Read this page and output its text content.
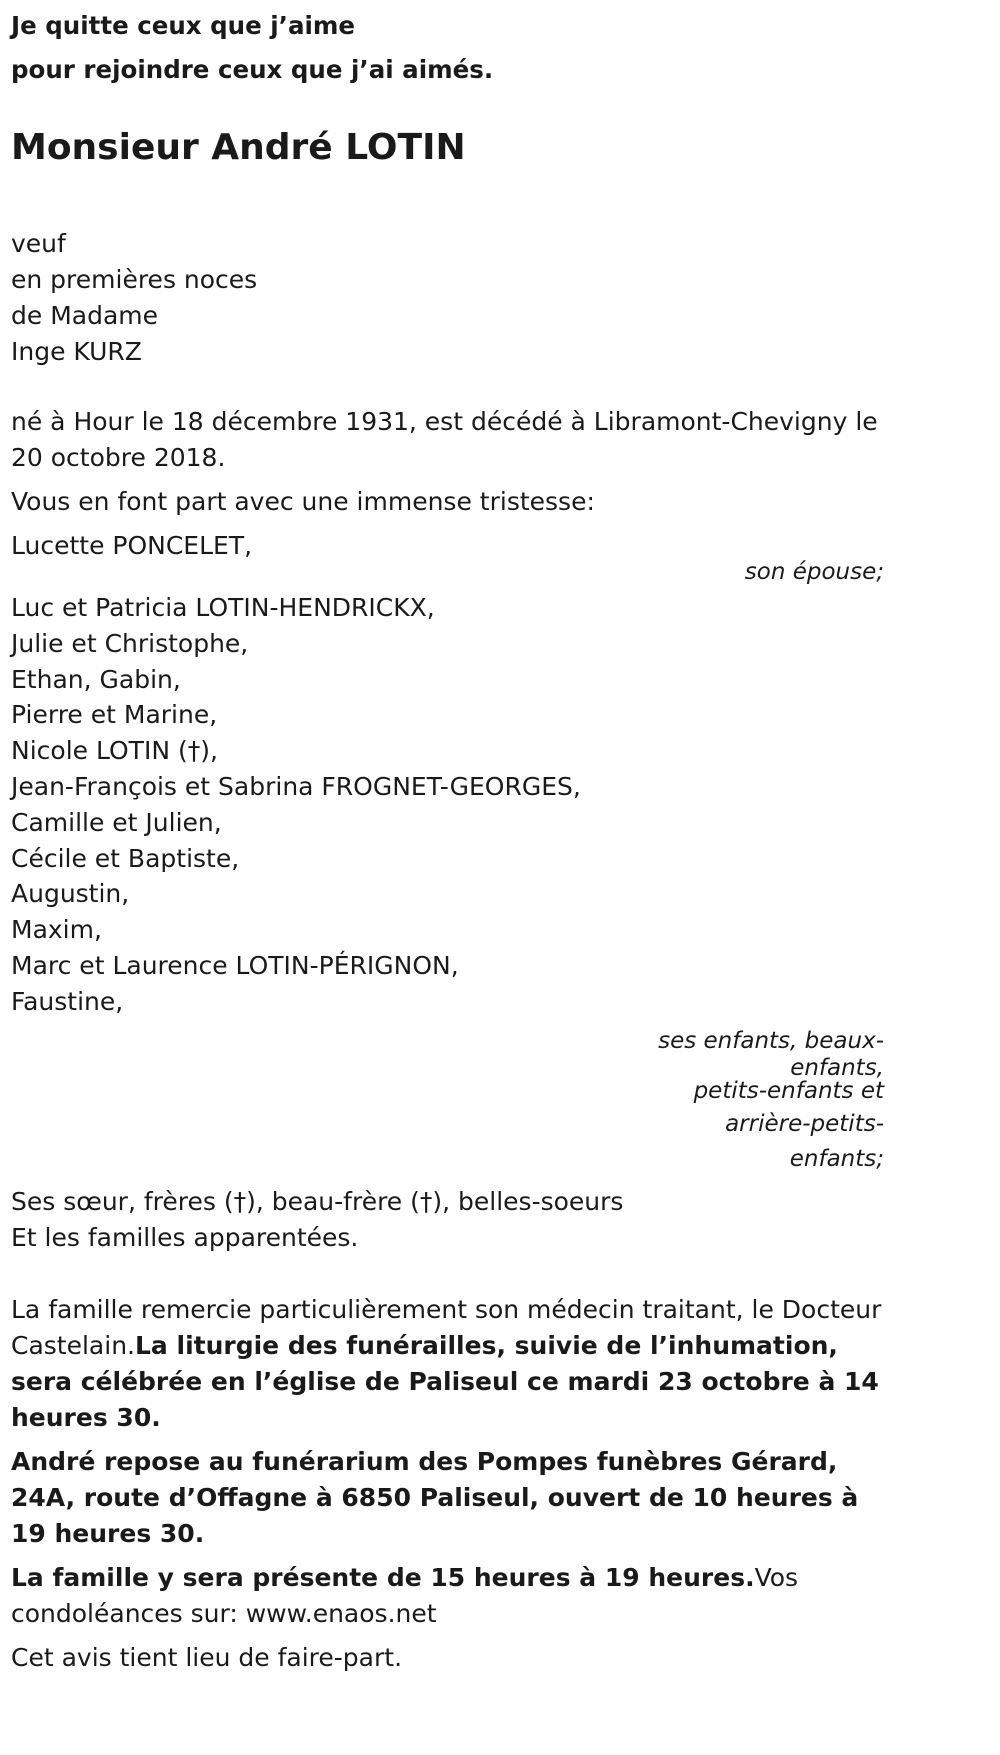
Je quitte ceux que j’aime
pour rejoindre ceux que j’ai aimés.
Monsieur André LOTIN
veuf
en premières noces
de Madame
Inge KURZ
né à Hour le 18 décembre 1931, est décédé à Libramont-Chevigny le 20 octobre 2018.
Vous en font part avec une immense tristesse:
Lucette PONCELET,
son épouse;
Luc et Patricia LOTIN-HENDRICKX,
Julie et Christophe,
Ethan, Gabin,
Pierre et Marine,
Nicole LOTIN (†),
Jean-François et Sabrina FROGNET-GEORGES,
Camille et Julien,
Cécile et Baptiste,
Augustin,
Maxim,
Marc et Laurence LOTIN-PÉRIGNON,
Faustine,
ses enfants, beaux-
enfants,
petits-enfants et
arrière-petits-
enfants;
Ses sœur, frères (†), beau-frère (†), belles-soeurs
Et les familles apparentées.
La famille remercie particulièrement son médecin traitant, le Docteur Castelain.La liturgie des funérailles, suivie de l’inhumation, sera célébrée en l’église de Paliseul ce mardi 23 octobre à 14 heures 30.
André repose au funérarium des Pompes funèbres Gérard, 24A, route d’Offagne à 6850 Paliseul, ouvert de 10 heures à 19 heures 30.
La famille y sera présente de 15 heures à 19 heures.Vos condoléances sur: www.enaos.net
Cet avis tient lieu de faire-part.
